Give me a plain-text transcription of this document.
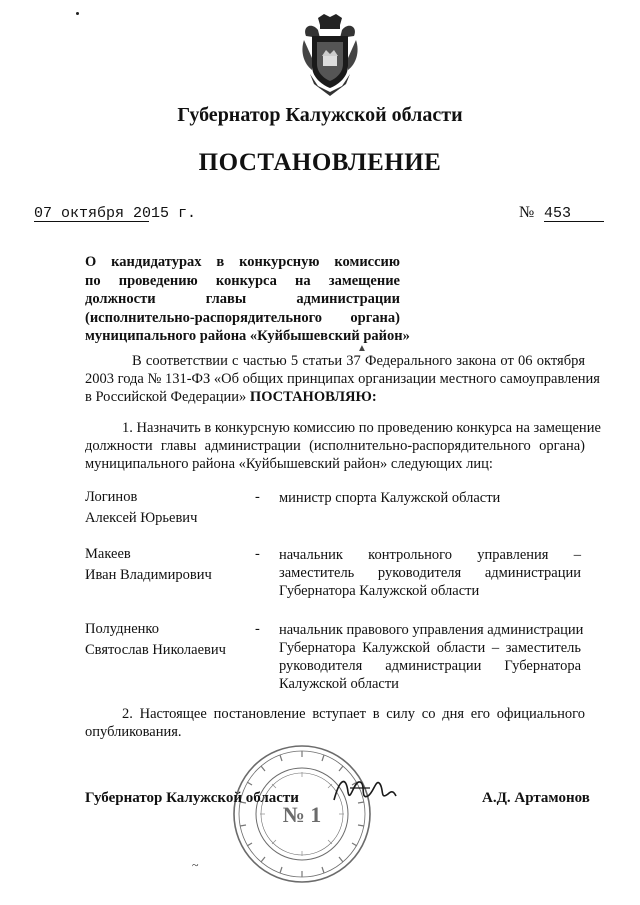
Губернатор Калужской области
ПОСТАНОВЛЕНИЕ
07 октября 2015 г.	№ 453
О кандидатурах в конкурсную комиссию
по проведению конкурса на замещение
должности главы администрации
(исполнительно-распорядительного органа)
муниципального района «Куйбышевский район»
▲
В соответствии с частью 5 статьи 37 Федерального закона от 06 октября
2003 года № 131-ФЗ «Об общих принципах организации местного самоуправления
в Российской Федерации» ПОСТАНОВЛЯЮ:
1. Назначить в конкурсную комиссию по проведению конкурса на замещение
должности главы администрации (исполнительно-распорядительного органа)
муниципального района «Куйбышевский район» следующих лиц:
Логинов
Алексей Юрьевич
- министр спорта Калужской области
Макеев
Иван Владимирович
- начальник контрольного управления –
заместитель руководителя администрации
Губернатора Калужской области
Полудненко
Святослав Николаевич
- начальник правового управления администрации
Губернатора Калужской области – заместитель
руководителя администрации Губернатора
Калужской области
2. Настоящее постановление вступает в силу со дня его официального
опубликования.
№ 1
Губернатор Калужской области	А.Д. Артамонов
~
